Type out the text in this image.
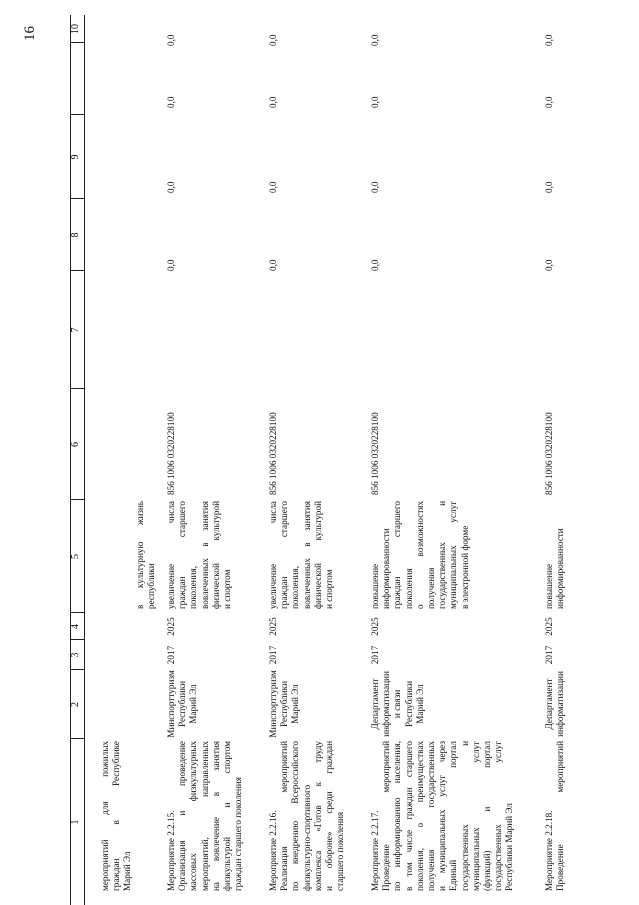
16
1
2
3
4
5
6
7
8
9
10
мероприятий для пожилых граждан в Республике Марий Эл
в культурную жизнь республики
Мероприятие 2.2.15. Организация и проведение массовых физкультурных мероприятий, направленных на вовлечение в занятия физкультурой и спортом граждан старшего поколения
Минспорттуризм Республики Марий Эл
2017
2025
увеличение числа граждан старшего поколения, вовлеченных в занятия физической культурой и спортом
856 1006 0320228100
0,0
0,0
0,0
0,0
Мероприятие 2.2.16. Реализация мероприятий по внедрению Всероссийского физкультурно-спортивного комплекса «Готов к труду и обороне» среди граждан старшего поколения
Минспорттуризм Республики Марий Эл
2017
2025
увеличение числа граждан старшего поколения, вовлеченных в занятия физической культурой и спортом
856 1006 0320228100
0,0
0,0
0,0
0,0
Мероприятие 2.2.17. Проведение мероприятий по информированию населения, в том числе граждан старшего поколения, о преимуществах получения государственных и муниципальных услуг через Единый портал государственных и муниципальных услуг (функций) и портал государственных услуг Республики Марий Эл
Департамент информатизации и связи Республики Марий Эл
2017
2025
повышение информированности граждан старшего поколения о возможностях получения государственных и муниципальных услуг в электронной форме
856 1006 0320228100
0,0
0,0
0,0
0,0
Мероприятие 2.2.18. Проведение мероприятий
Департамент информатизации
2017
2025
повышение информированности
856 1006 0320228100
0,0
0,0
0,0
0,0
